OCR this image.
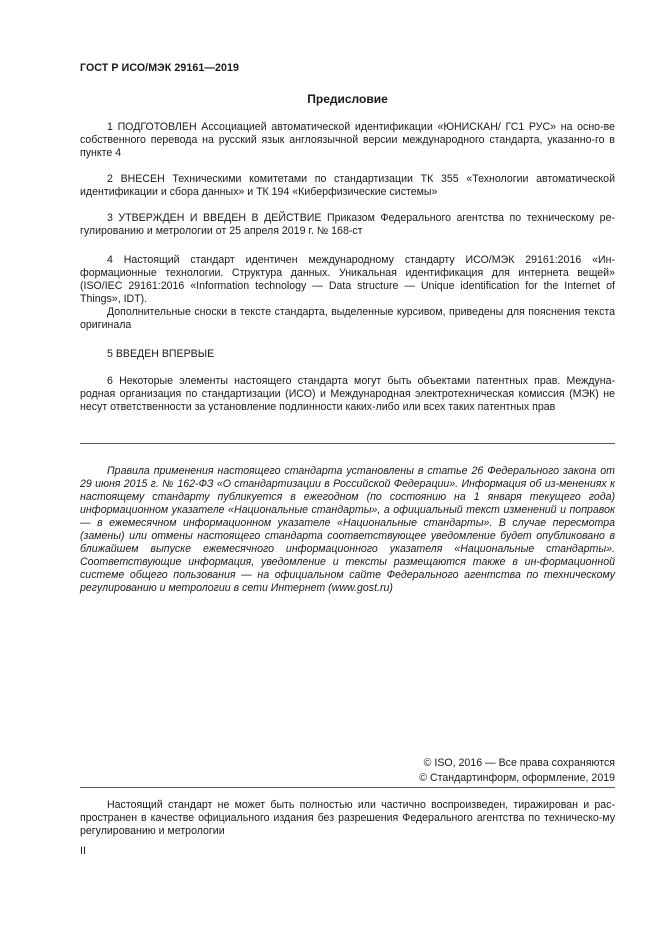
ГОСТ Р ИСО/МЭК 29161—2019
Предисловие

1 ПОДГОТОВЛЕН Ассоциацией автоматической идентификации «ЮНИСКАН/ ГС1 РУС» на осно-ве собственного перевода на русский язык англоязычной версии международного стандарта, указанно-го в пункте 4

2 ВНЕСЕН Техническими комитетами по стандартизации ТК 355 «Технологии автоматической идентификации и сбора данных» и ТК 194 «Киберфизические системы»

3 УТВЕРЖДЕН И ВВЕДЕН В ДЕЙСТВИЕ Приказом Федерального агентства по техническому ре-гулированию и метрологии от 25 апреля 2019 г. № 168-ст

4 Настоящий стандарт идентичен международному стандарту ИСО/МЭК 29161:2016 «Ин-формационные технологии. Структура данных. Уникальная идентификация для интернета вещей» (ISO/IEC 29161:2016 «Information technology — Data structure — Unique identification for the Internet of Things», IDT).

Дополнительные сноски в тексте стандарта, выделенные курсивом, приведены для пояснения текста оригинала

5 ВВЕДЕН ВПЕРВЫЕ

6 Некоторые элементы настоящего стандарта могут быть объектами патентных прав. Междуна-родная организация по стандартизации (ИСО) и Международная электротехническая комиссия (МЭК) не несут ответственности за установление подлинности каких-либо или всех таких патентных прав

Правила применения настоящего стандарта установлены в статье 26 Федерального закона от 29 июня 2015 г. № 162-ФЗ «О стандартизации в Российской Федерации». Информация об из-менениях к настоящему стандарту публикуется в ежегодном (по состоянию на 1 января текущего года) информационном указателе «Национальные стандарты», а официальный текст изменений и поправок — в ежемесячном информационном указателе «Национальные стандарты». В случае пересмотра (замены) или отмены настоящего стандарта соответствующее уведомление будет опубликовано в ближайшем выпуске ежемесячного информационного указателя «Национальные стандарты». Соответствующие информация, уведомление и тексты размещаются также в ин-формационной системе общего пользования — на официальном сайте Федерального агентства по техническому регулированию и метрологии в сети Интернет (www.gost.ru)

© ISO, 2016 — Все права сохраняются
© Стандартинформ, оформление, 2019

Настоящий стандарт не может быть полностью или частично воспроизведен, тиражирован и рас-пространен в качестве официального издания без разрешения Федерального агентства по техническо-му регулированию и метрологии

II
